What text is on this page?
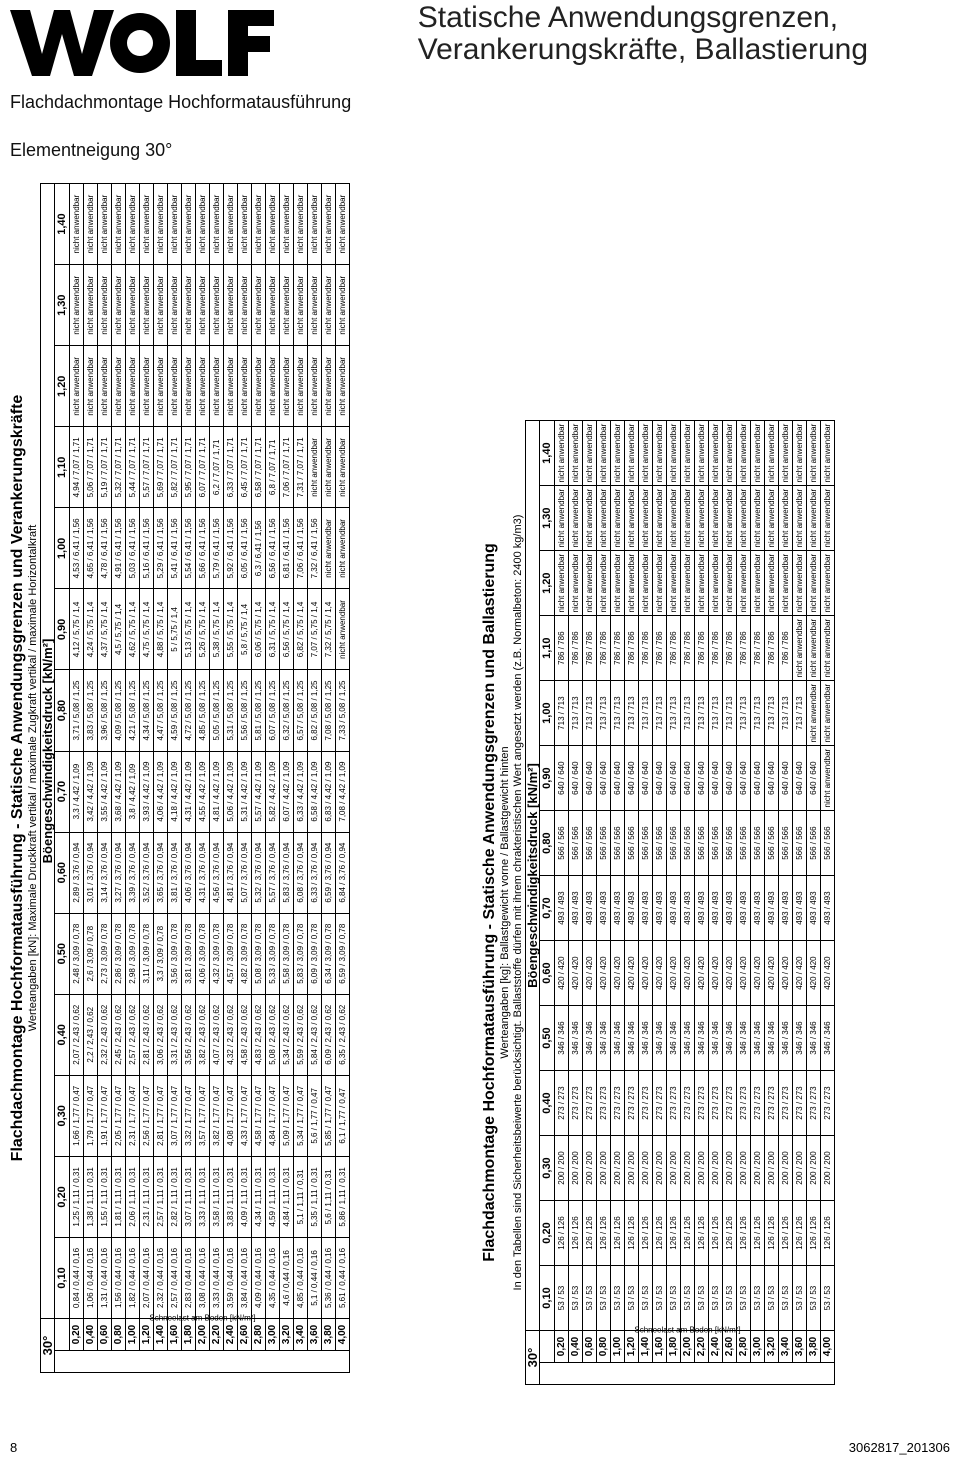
Statische Anwendungsgrenzen,
Verankerungskräfte, Ballastierung
Flachdachmontage Hochformatausführung
Elementneigung 30°
Flachdachmontage Hochformatausführung - Statische Anwendungsgrenzen und Verankerungskräfte Werteangaben [kN]: Maximale Druckkraft vertikal / maximale Zugkraft vertikal / maximale Horizontalkraft
30°		Böengeschwindigkeitsdruck [kN/m²]													
Schneelast am Boden [kN/m²]		0,10	0,20	0,30	0,40	0,50	0,60	0,70	0,80	0,90	1,00	1,10	1,20	1,30	1,40
	0,20	0,84 / 0,44 / 0,16	1,25 / 1,11 / 0,31	1,66 / 1,77 / 0,47	2,07 / 2,43 / 0,62	2,48 / 3,09 / 0,78	2,89 / 3,76 / 0,94	3,3 / 4,42 / 1,09	3,71 / 5,08 / 1,25	4,12 / 5,75 / 1,4	4,53 / 6,41 / 1,56	4,94 / 7,07 / 1,71	nicht anwendbar	nicht anwendbar	nicht anwendbar
	0,40	1,06 / 0,44 / 0,16	1,38 / 1,11 / 0,31	1,79 / 1,77 / 0,47	2,2 / 2,43 / 0,62	2,6 / 3,09 / 0,78	3,01 / 3,76 / 0,94	3,42 / 4,42 / 1,09	3,83 / 5,08 / 1,25	4,24 / 5,75 / 1,4	4,65 / 6,41 / 1,56	5,06 / 7,07 / 1,71	nicht anwendbar	nicht anwendbar	nicht anwendbar
	0,60	1,31 / 0,44 / 0,16	1,55 / 1,11 / 0,31	1,91 / 1,77 / 0,47	2,32 / 2,43 / 0,62	2,73 / 3,09 / 0,78	3,14 / 3,76 / 0,94	3,55 / 4,42 / 1,09	3,96 / 5,08 / 1,25	4,37 / 5,75 / 1,4	4,78 / 6,41 / 1,56	5,19 / 7,07 / 1,71	nicht anwendbar	nicht anwendbar	nicht anwendbar
	0,80	1,56 / 0,44 / 0,16	1,81 / 1,11 / 0,31	2,05 / 1,77 / 0,47	2,45 / 2,43 / 0,62	2,86 / 3,09 / 0,78	3,27 / 3,76 / 0,94	3,68 / 4,42 / 1,09	4,09 / 5,08 / 1,25	4,5 / 5,75 / 1,4	4,91 / 6,41 / 1,56	5,32 / 7,07 / 1,71	nicht anwendbar	nicht anwendbar	nicht anwendbar
	1,00	1,82 / 0,44 / 0,16	2,06 / 1,11 / 0,31	2,31 / 1,77 / 0,47	2,57 / 2,43 / 0,62	2,98 / 3,09 / 0,78	3,39 / 3,76 / 0,94	3,8 / 4,42 / 1,09	4,21 / 5,08 / 1,25	4,62 / 5,75 / 1,4	5,03 / 6,41 / 1,56	5,44 / 7,07 / 1,71	nicht anwendbar	nicht anwendbar	nicht anwendbar
	1,20	2,07 / 0,44 / 0,16	2,31 / 1,11 / 0,31	2,56 / 1,77 / 0,47	2,81 / 2,43 / 0,62	3,11 / 3,09 / 0,78	3,52 / 3,76 / 0,94	3,93 / 4,42 / 1,09	4,34 / 5,08 / 1,25	4,75 / 5,75 / 1,4	5,16 / 6,41 / 1,56	5,57 / 7,07 / 1,71	nicht anwendbar	nicht anwendbar	nicht anwendbar
	1,40	2,32 / 0,44 / 0,16	2,57 / 1,11 / 0,31	2,81 / 1,77 / 0,47	3,06 / 2,43 / 0,62	3,3 / 3,09 / 0,78	3,65 / 3,76 / 0,94	4,06 / 4,42 / 1,09	4,47 / 5,08 / 1,25	4,88 / 5,75 / 1,4	5,29 / 6,41 / 1,56	5,69 / 7,07 / 1,71	nicht anwendbar	nicht anwendbar	nicht anwendbar
	1,60	2,57 / 0,44 / 0,16	2,82 / 1,11 / 0,31	3,07 / 1,77 / 0,47	3,31 / 2,43 / 0,62	3,56 / 3,09 / 0,78	3,81 / 3,76 / 0,94	4,18 / 4,42 / 1,09	4,59 / 5,08 / 1,25	5 / 5,75 / 1,4	5,41 / 6,41 / 1,56	5,82 / 7,07 / 1,71	nicht anwendbar	nicht anwendbar	nicht anwendbar
	1,80	2,83 / 0,44 / 0,16	3,07 / 1,11 / 0,31	3,32 / 1,77 / 0,47	3,56 / 2,43 / 0,62	3,81 / 3,09 / 0,78	4,06 / 3,76 / 0,94	4,31 / 4,42 / 1,09	4,72 / 5,08 / 1,25	5,13 / 5,75 / 1,4	5,54 / 6,41 / 1,56	5,95 / 7,07 / 1,71	nicht anwendbar	nicht anwendbar	nicht anwendbar
	2,00	3,08 / 0,44 / 0,16	3,33 / 1,11 / 0,31	3,57 / 1,77 / 0,47	3,82 / 2,43 / 0,62	4,06 / 3,09 / 0,78	4,31 / 3,76 / 0,94	4,55 / 4,42 / 1,09	4,85 / 5,08 / 1,25	5,26 / 5,75 / 1,4	5,66 / 6,41 / 1,56	6,07 / 7,07 / 1,71	nicht anwendbar	nicht anwendbar	nicht anwendbar
	2,20	3,33 / 0,44 / 0,16	3,58 / 1,11 / 0,31	3,82 / 1,77 / 0,47	4,07 / 2,43 / 0,62	4,32 / 3,09 / 0,78	4,56 / 3,76 / 0,94	4,81 / 4,42 / 1,09	5,05 / 5,08 / 1,25	5,38 / 5,75 / 1,4	5,79 / 6,41 / 1,56	6,2 / 7,07 / 1,71	nicht anwendbar	nicht anwendbar	nicht anwendbar
	2,40	3,59 / 0,44 / 0,16	3,83 / 1,11 / 0,31	4,08 / 1,77 / 0,47	4,32 / 2,43 / 0,62	4,57 / 3,09 / 0,78	4,81 / 3,76 / 0,94	5,06 / 4,42 / 1,09	5,31 / 5,08 / 1,25	5,55 / 5,75 / 1,4	5,92 / 6,41 / 1,56	6,33 / 7,07 / 1,71	nicht anwendbar	nicht anwendbar	nicht anwendbar
	2,60	3,84 / 0,44 / 0,16	4,09 / 1,11 / 0,31	4,33 / 1,77 / 0,47	4,58 / 2,43 / 0,62	4,82 / 3,09 / 0,78	5,07 / 3,76 / 0,94	5,31 / 4,42 / 1,09	5,56 / 5,08 / 1,25	5,8 / 5,75 / 1,4	6,05 / 6,41 / 1,56	6,45 / 7,07 / 1,71	nicht anwendbar	nicht anwendbar	nicht anwendbar
	2,80	4,09 / 0,44 / 0,16	4,34 / 1,11 / 0,31	4,58 / 1,77 / 0,47	4,83 / 2,43 / 0,62	5,08 / 3,09 / 0,78	5,32 / 3,76 / 0,94	5,57 / 4,42 / 1,09	5,81 / 5,08 / 1,25	6,06 / 5,75 / 1,4	6,3 / 6,41 / 1,56	6,58 / 7,07 / 1,71	nicht anwendbar	nicht anwendbar	nicht anwendbar
	3,00	4,35 / 0,44 / 0,16	4,59 / 1,11 / 0,31	4,84 / 1,77 / 0,47	5,08 / 2,43 / 0,62	5,33 / 3,09 / 0,78	5,57 / 3,76 / 0,94	5,82 / 4,42 / 1,09	6,07 / 5,08 / 1,25	6,31 / 5,75 / 1,4	6,56 / 6,41 / 1,56	6,8 / 7,07 / 1,71	nicht anwendbar	nicht anwendbar	nicht anwendbar
	3,20	4,6 / 0,44 / 0,16	4,84 / 1,11 / 0,31	5,09 / 1,77 / 0,47	5,34 / 2,43 / 0,62	5,58 / 3,09 / 0,78	5,83 / 3,76 / 0,94	6,07 / 4,42 / 1,09	6,32 / 5,08 / 1,25	6,56 / 5,75 / 1,4	6,81 / 6,41 / 1,56	7,06 / 7,07 / 1,71	nicht anwendbar	nicht anwendbar	nicht anwendbar
	3,40	4,85 / 0,44 / 0,16	5,1 / 1,11 / 0,31	5,34 / 1,77 / 0,47	5,59 / 2,43 / 0,62	5,83 / 3,09 / 0,78	6,08 / 3,76 / 0,94	6,33 / 4,42 / 1,09	6,57 / 5,08 / 1,25	6,82 / 5,75 / 1,4	7,06 / 6,41 / 1,56	7,31 / 7,07 / 1,71	nicht anwendbar	nicht anwendbar	nicht anwendbar
	3,60	5,1 / 0,44 / 0,16	5,35 / 1,11 / 0,31	5,6 / 1,77 / 0,47	5,84 / 2,43 / 0,62	6,09 / 3,09 / 0,78	6,33 / 3,76 / 0,94	6,58 / 4,42 / 1,09	6,82 / 5,08 / 1,25	7,07 / 5,75 / 1,4	7,32 / 6,41 / 1,56	nicht anwendbar	nicht anwendbar	nicht anwendbar	nicht anwendbar
	3,80	5,36 / 0,44 / 0,16	5,6 / 1,11 / 0,31	5,85 / 1,77 / 0,47	6,09 / 2,43 / 0,62	6,34 / 3,09 / 0,78	6,59 / 3,76 / 0,94	6,83 / 4,42 / 1,09	7,08 / 5,08 / 1,25	7,32 / 5,75 / 1,4	nicht anwendbar	nicht anwendbar	nicht anwendbar	nicht anwendbar	nicht anwendbar
	4,00	5,61 / 0,44 / 0,16	5,86 / 1,11 / 0,31	6,1 / 1,77 / 0,47	6,35 / 2,43 / 0,62	6,59 / 3,09 / 0,78	6,84 / 3,76 / 0,94	7,08 / 4,42 / 1,09	7,33 / 5,08 / 1,25	nicht anwendbar	nicht anwendbar	nicht anwendbar	nicht anwendbar	nicht anwendbar	nicht anwendbar
Flachdachmontage Hochformatausführung - Statische Anwendungsgrenzen und Ballastierung Werteangaben [kg]: Ballastgewicht vorne / Ballastgewicht hinten In den Tabellen sind Sicherheitsbeiwerte berücksichtigt. Ballaststoffe dürfen mit ihrem chrakteristischen Wert angesetzt werden (z.B. Normalbeton: 2400 kg/m3)
30°		Böengeschwindigkeitsdruck [kN/m²]													
Schneelast am Boden [kN/m²]		0,10	0,20	0,30	0,40	0,50	0,60	0,70	0,80	0,90	1,00	1,10	1,20	1,30	1,40
	0,20	53 / 53	126 / 126	200 / 200	273 / 273	346 / 346	420 / 420	493 / 493	566 / 566	640 / 640	713 / 713	786 / 786	nicht anwendbar	nicht anwendbar	nicht anwendbar
	0,40	53 / 53	126 / 126	200 / 200	273 / 273	346 / 346	420 / 420	493 / 493	566 / 566	640 / 640	713 / 713	786 / 786	nicht anwendbar	nicht anwendbar	nicht anwendbar
	0,60	53 / 53	126 / 126	200 / 200	273 / 273	346 / 346	420 / 420	493 / 493	566 / 566	640 / 640	713 / 713	786 / 786	nicht anwendbar	nicht anwendbar	nicht anwendbar
	0,80	53 / 53	126 / 126	200 / 200	273 / 273	346 / 346	420 / 420	493 / 493	566 / 566	640 / 640	713 / 713	786 / 786	nicht anwendbar	nicht anwendbar	nicht anwendbar
	1,00	53 / 53	126 / 126	200 / 200	273 / 273	346 / 346	420 / 420	493 / 493	566 / 566	640 / 640	713 / 713	786 / 786	nicht anwendbar	nicht anwendbar	nicht anwendbar
	1,20	53 / 53	126 / 126	200 / 200	273 / 273	346 / 346	420 / 420	493 / 493	566 / 566	640 / 640	713 / 713	786 / 786	nicht anwendbar	nicht anwendbar	nicht anwendbar
	1,40	53 / 53	126 / 126	200 / 200	273 / 273	346 / 346	420 / 420	493 / 493	566 / 566	640 / 640	713 / 713	786 / 786	nicht anwendbar	nicht anwendbar	nicht anwendbar
	1,60	53 / 53	126 / 126	200 / 200	273 / 273	346 / 346	420 / 420	493 / 493	566 / 566	640 / 640	713 / 713	786 / 786	nicht anwendbar	nicht anwendbar	nicht anwendbar
	1,80	53 / 53	126 / 126	200 / 200	273 / 273	346 / 346	420 / 420	493 / 493	566 / 566	640 / 640	713 / 713	786 / 786	nicht anwendbar	nicht anwendbar	nicht anwendbar
	2,00	53 / 53	126 / 126	200 / 200	273 / 273	346 / 346	420 / 420	493 / 493	566 / 566	640 / 640	713 / 713	786 / 786	nicht anwendbar	nicht anwendbar	nicht anwendbar
	2,20	53 / 53	126 / 126	200 / 200	273 / 273	346 / 346	420 / 420	493 / 493	566 / 566	640 / 640	713 / 713	786 / 786	nicht anwendbar	nicht anwendbar	nicht anwendbar
	2,40	53 / 53	126 / 126	200 / 200	273 / 273	346 / 346	420 / 420	493 / 493	566 / 566	640 / 640	713 / 713	786 / 786	nicht anwendbar	nicht anwendbar	nicht anwendbar
	2,60	53 / 53	126 / 126	200 / 200	273 / 273	346 / 346	420 / 420	493 / 493	566 / 566	640 / 640	713 / 713	786 / 786	nicht anwendbar	nicht anwendbar	nicht anwendbar
	2,80	53 / 53	126 / 126	200 / 200	273 / 273	346 / 346	420 / 420	493 / 493	566 / 566	640 / 640	713 / 713	786 / 786	nicht anwendbar	nicht anwendbar	nicht anwendbar
	3,00	53 / 53	126 / 126	200 / 200	273 / 273	346 / 346	420 / 420	493 / 493	566 / 566	640 / 640	713 / 713	786 / 786	nicht anwendbar	nicht anwendbar	nicht anwendbar
	3,20	53 / 53	126 / 126	200 / 200	273 / 273	346 / 346	420 / 420	493 / 493	566 / 566	640 / 640	713 / 713	786 / 786	nicht anwendbar	nicht anwendbar	nicht anwendbar
	3,40	53 / 53	126 / 126	200 / 200	273 / 273	346 / 346	420 / 420	493 / 493	566 / 566	640 / 640	713 / 713	786 / 786	nicht anwendbar	nicht anwendbar	nicht anwendbar
	3,60	53 / 53	126 / 126	200 / 200	273 / 273	346 / 346	420 / 420	493 / 493	566 / 566	640 / 640	713 / 713	nicht anwendbar	nicht anwendbar	nicht anwendbar	nicht anwendbar
	3,80	53 / 53	126 / 126	200 / 200	273 / 273	346 / 346	420 / 420	493 / 493	566 / 566	640 / 640	nicht anwendbar	nicht anwendbar	nicht anwendbar	nicht anwendbar	nicht anwendbar
	4,00	53 / 53	126 / 126	200 / 200	273 / 273	346 / 346	420 / 420	493 / 493	566 / 566	nicht anwendbar	nicht anwendbar	nicht anwendbar	nicht anwendbar	nicht anwendbar	nicht anwendbar
8	3062817_201306
